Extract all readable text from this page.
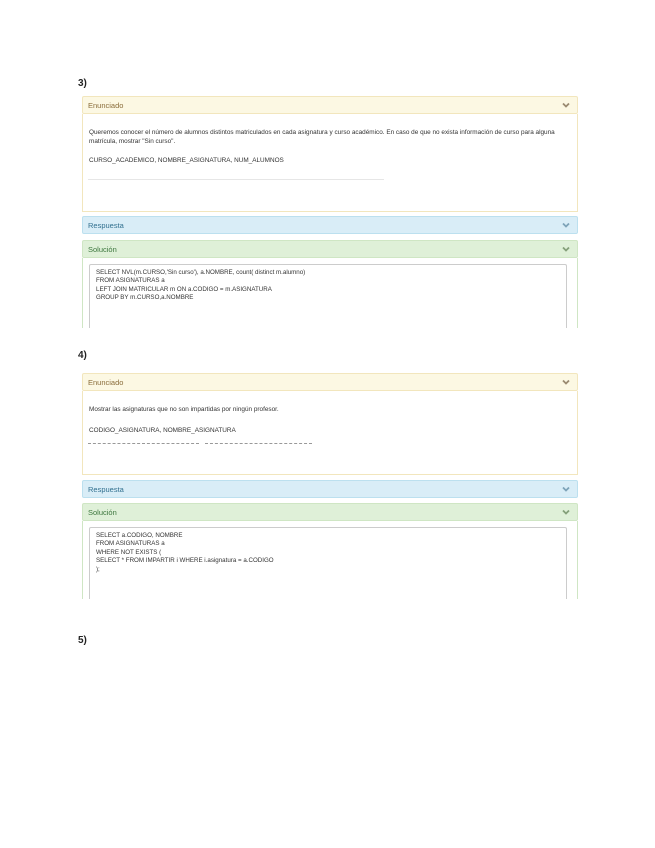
3)
Enunciado

Queremos conocer el número de alumnos distintos matriculados en cada asignatura y curso académico. En caso de que no exista información de curso para alguna matrícula, mostrar "Sin curso".

CURSO_ACADEMICO, NOMBRE_ASIGNATURA, NUM_ALUMNOS

Respuesta
Solución
SELECT NVL(m.CURSO,'Sin curso'), a.NOMBRE, count( distinct m.alumno)
FROM ASIGNATURAS a
LEFT JOIN MATRICULAR m ON a.CODIGO = m.ASIGNATURA
GROUP BY m.CURSO,a.NOMBRE
4)
Enunciado

Mostrar las asignaturas que no son impartidas por ningún profesor.

CODIGO_ASIGNATURA, NOMBRE_ASIGNATURA

Respuesta
Solución
SELECT a.CODIGO, NOMBRE
FROM ASIGNATURAS a
WHERE NOT EXISTS (
SELECT * FROM IMPARTIR i WHERE i.asignatura = a.CODIGO
);
5)
